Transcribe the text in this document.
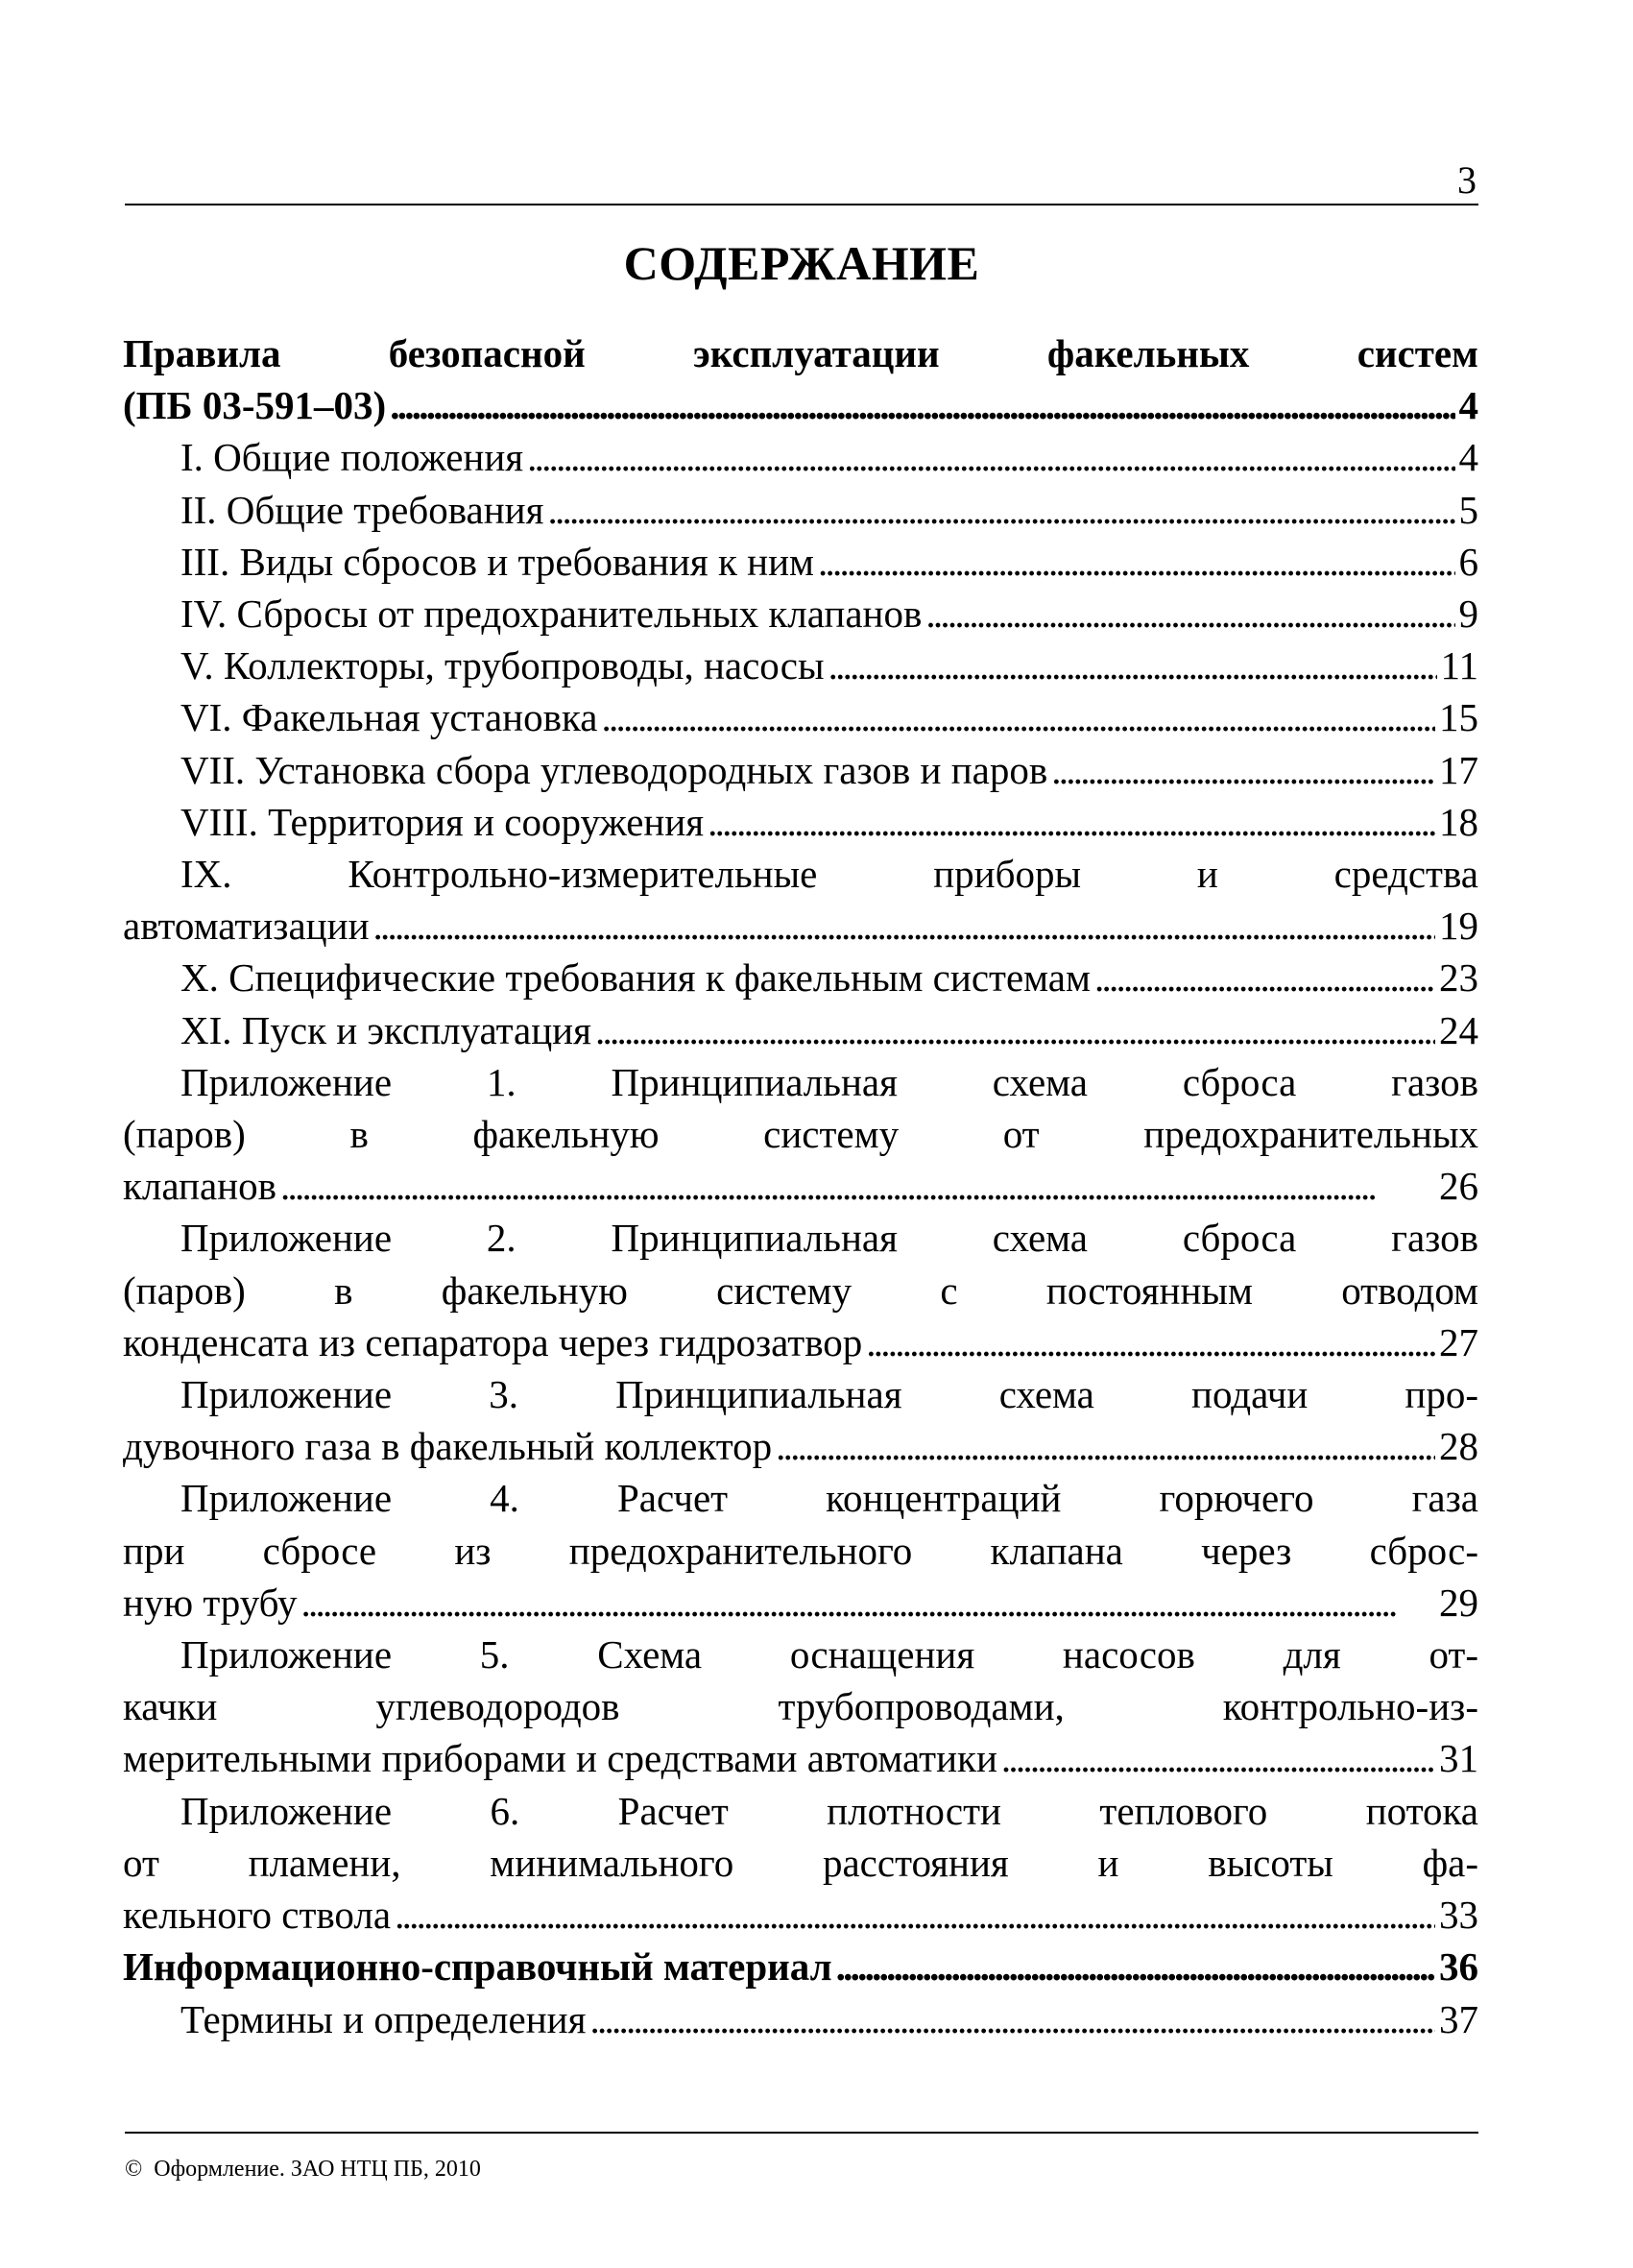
3
СОДЕРЖАНИЕ
Правила безопасной эксплуатации факельных систем
(ПБ 03-591–03) . . .	4
I. Общие положения . . .	4
II. Общие требования . . .	5
III. Виды сбросов и требования к ним . . .	6
IV. Сбросы от предохранительных клапанов . . .	9
V. Коллекторы, трубопроводы, насосы . . .	11
VI. Факельная установка . . .	15
VII. Установка сбора углеводородных газов и паров . . .	17
VIII. Территория и сооружения . . .	18
IX. Контрольно-измерительные приборы и средства
автоматизации . . .	19
X. Специфические требования к факельным системам . . .	23
XI. Пуск и эксплуатация . . .	24
Приложение 1. Принципиальная схема сброса газов
(паров) в факельную систему от предохранительных
клапанов . . .	26
Приложение 2. Принципиальная схема сброса газов
(паров) в факельную систему с постоянным отводом
конденсата из сепаратора через гидрозатвор . . .	27
Приложение 3. Принципиальная схема подачи про-
дувочного газа в факельный коллектор . . .	28
Приложение 4. Расчет концентраций горючего газа
при сбросе из предохранительного клапана через сброс-
ную трубу . . .	29
Приложение 5. Схема оснащения насосов для от-
качки углеводородов трубопроводами, контрольно-из-
мерительными приборами и средствами автоматики . . .	31
Приложение 6. Расчет плотности теплового потока
от пламени, минимального расстояния и высоты фа-
кельного ствола . . .	33
Информационно-справочный материал . . .	36
Термины и определения . . .	37
© Оформление. ЗАО НТЦ ПБ, 2010
